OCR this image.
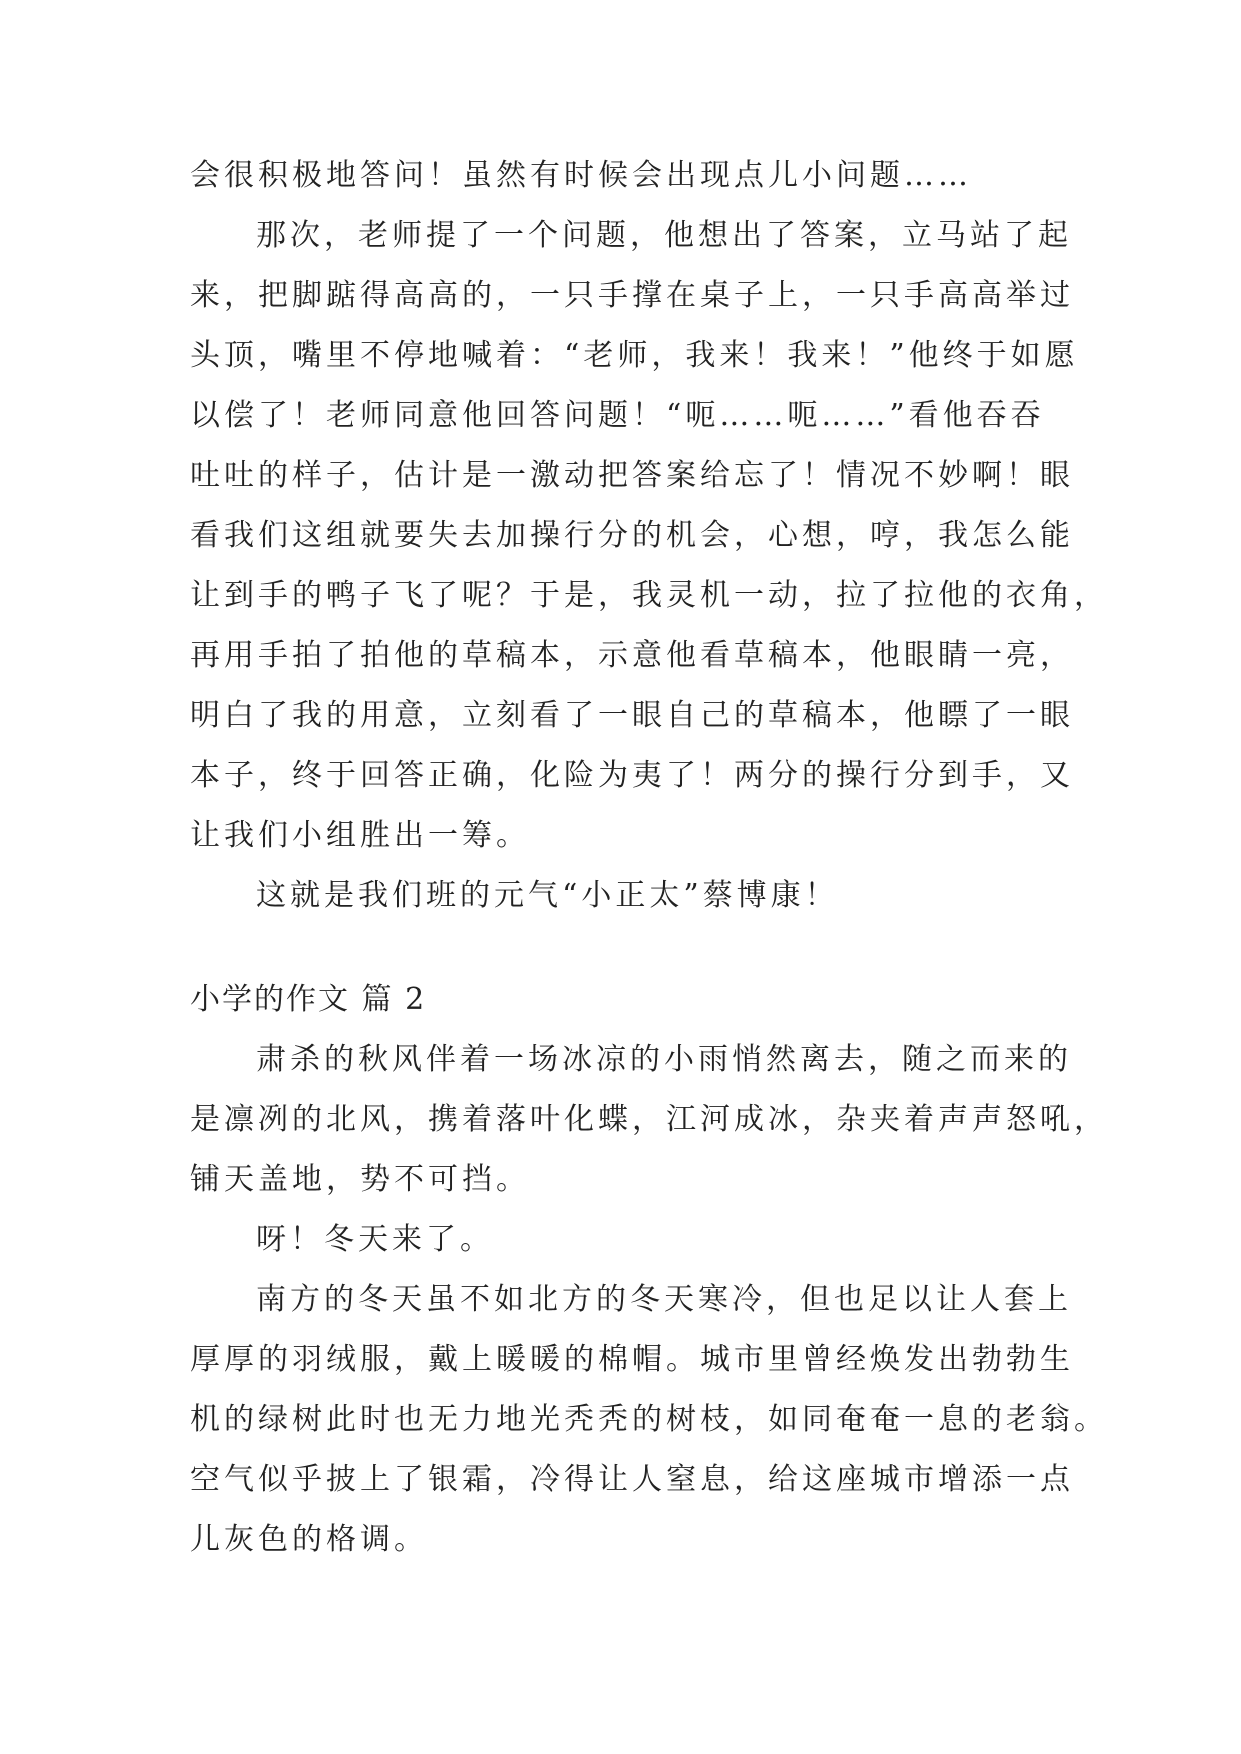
会很积极地答问！虽然有时候会出现点儿小问题……

那次，老师提了一个问题，他想出了答案，立马站了起

来，把脚踮得高高的，一只手撑在桌子上，一只手高高举过

头顶，嘴里不停地喊着：“老师，我来！我来！”他终于如愿

以偿了！老师同意他回答问题！“呃……呃……”看他吞吞

吐吐的样子，估计是一激动把答案给忘了！情况不妙啊！眼

看我们这组就要失去加操行分的机会，心想，哼，我怎么能

让到手的鸭子飞了呢？于是，我灵机一动，拉了拉他的衣角，

再用手拍了拍他的草稿本，示意他看草稿本，他眼睛一亮，

明白了我的用意，立刻看了一眼自己的草稿本，他瞟了一眼

本子，终于回答正确，化险为夷了！两分的操行分到手，又

让我们小组胜出一筹。

这就是我们班的元气“小正太”蔡博康！

小学的作文 篇 2

肃杀的秋风伴着一场冰凉的小雨悄然离去，随之而来的

是凛冽的北风，携着落叶化蝶，江河成冰，杂夹着声声怒吼，

铺天盖地，势不可挡。

呀！冬天来了。

南方的冬天虽不如北方的冬天寒冷，但也足以让人套上

厚厚的羽绒服，戴上暖暖的棉帽。城市里曾经焕发出勃勃生

机的绿树此时也无力地光秃秃的树枝，如同奄奄一息的老翁。

空气似乎披上了银霜，冷得让人窒息，给这座城市增添一点

儿灰色的格调。
